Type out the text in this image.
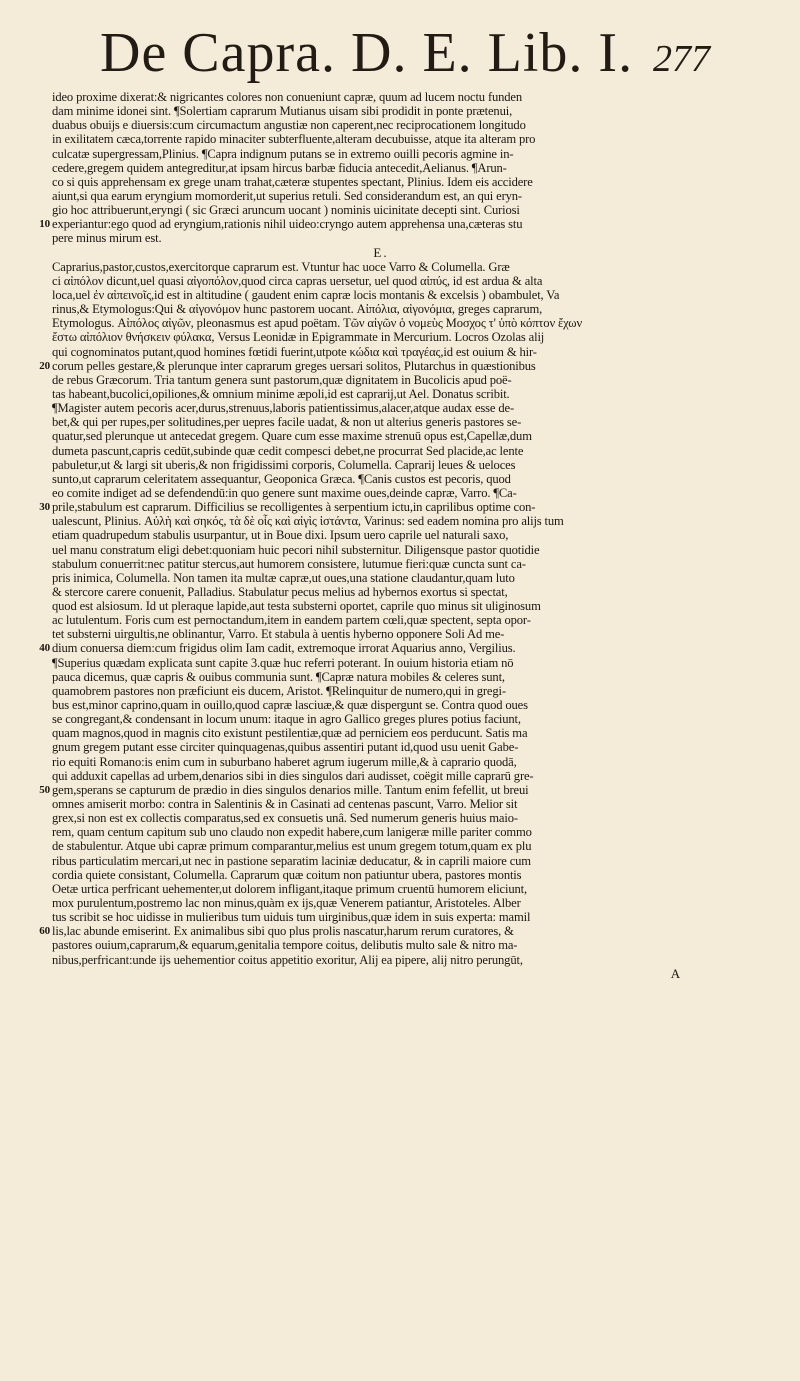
De Capra. D. E. Lib. I. 277
ideo proxime dixerat:& nigricantes colores non conueniunt capræ, quum ad lucem noctu funden
dam minime idonei sint. ¶Solertiam caprarum Mutianus uisam sibi prodidit in ponte prætenui,
duabus obuijs e diuersis:cum circumactum angustiæ non caperent,nec reciprocationem longitudo
in exilitatem cæca,torrente rapido minaciter subterfluente,alteram decubuisse, atque ita alteram pro
culcatæ supergressam,Plinius. ¶Capra indignum putans se in extremo ouilli pecoris agmine in-
cedere,gregem quidem antegreditur,at ipsam hircus barbæ fiducia antecedit,Aelianus. ¶Arun-
co si quis apprehensam ex grege unam trahat,cæteræ stupentes spectant, Plinius. Idem eis accidere
aiunt,si qua earum eryngium momorderit,ut superius retuli. Sed considerandum est, an qui eryn-
gio hoc attribuerunt,eryngi ( sic Græci aruncum uocant ) nominis uicinitate decepti sint. Curiosi
10 experiantur:ego quod ad eryngium,rationis nihil uideo:cryngo autem apprehensa una,cæteras stu
pere minus mirum est.
E.
Caprarius,pastor,custos,exercitorque caprarum est. Vtuntur hac uoce Varro & Columella. Græ
ci αἰπόλον dicunt,uel quasi αἰγοπόλον,quod circa capras uersetur, uel quod αἰπύς, id est ardua & alta
loca,uel ἐν αἰπεινοῖς,id est in altitudine ( gaudent enim capræ locis montanis & excelsis ) obambulet, Va
rinus,& Etymologus:Qui & αἰγονόμον hunc pastorem uocant. Αἰπόλια, αἰγονόμια, greges caprarum,
Etymologus. Αἰπόλος αἰγῶν, pleonasmus est apud poëtam. Τῶν αἰγῶν ὁ νομεὺς Μοσχος τ' ὑπὸ κόπτον ἔχων
ἔστω αἰπόλιον θνήσκειν φύλακα, Versus Leonidæ in Epigrammate in Mercurium. Locros Ozolas alij
qui cognominatos putant,quod homines fœtidi fuerint,utpote κώδια καὶ τραγέας,id est ouium & hir-
20 corum pelles gestare,& plerunque inter caprarum greges uersari solitos, Plutarchus in quæstionibus
de rebus Græcorum. Tria tantum genera sunt pastorum,quæ dignitatem in Bucolicis apud poë-
tas habeant,bucolici,opiliones,& omnium minime æpoli,id est caprarij,ut Ael. Donatus scribit.
¶Magister autem pecoris acer,durus,strenuus,laboris patientissimus,alacer,atque audax esse de-
bet,& qui per rupes,per solitudines,per uepres facile uadat, & non ut alterius generis pastores se-
quatur,sed plerunque ut antecedat gregem. Quare cum esse maxime strenuū opus est,Capellæ,dum
dumeta pascunt,capris cedūt,subinde quæ cedit compesci debet,ne procurrat Sed placide,ac lente
pabuletur,ut & largi sit uberis,& non frigidissimi corporis, Columella. Caprarij leues & ueloces
sunto,ut caprarum celeritatem assequantur, Geoponica Græca. ¶Canis custos est pecoris, quod
eo comite indiget ad se defendendū:in quo genere sunt maxime oues,deinde capræ, Varro. ¶Ca-
30 prile,stabulum est caprarum. Difficilius se recolligentes à serpentium ictu,in caprilibus optime con-
ualescunt, Plinius. Αὐλὴ καὶ σηκός, τὰ δὲ οἷς καὶ αἰγὶς ἱστάντα, Varinus: sed eadem nomina pro alijs tum
etiam quadrupedum stabulis usurpantur, ut in Boue dixi. Ipsum uero caprile uel naturali saxo,
uel manu constratum eligi debet:quoniam huic pecori nihil substernitur. Diligensque pastor quotidie
stabulum conuerrit:nec patitur stercus,aut humorem consistere, lutumue fieri:quæ cuncta sunt ca-
pris inimica, Columella. Non tamen ita multæ capræ,ut oues,una statione claudantur,quam luto
& stercore carere conuenit, Palladius. Stabulatur pecus melius ad hybernos exortus si spectat,
quod est alsiosum. Id ut pleraque lapide,aut testa substerni oportet, caprile quo minus sit uliginosum
ac lutulentum. Foris cum est pernoctandum,item in eandem partem cœli,quæ spectent, septa opor-
tet substerni uirgultis,ne oblinantur, Varro. Et stabula à uentis hyberno opponere Soli Ad me-
40 dium conuersa diem:cum frigidus olim Iam cadit, extremoque irrorat Aquarius anno, Vergilius.
¶Superius quædam explicata sunt capite 3.quæ huc referri poterant. In ouium historia etiam nō
pauca dicemus, quæ capris & ouibus communia sunt. ¶Capræ natura mobiles & celeres sunt,
quamobrem pastores non præficiunt eis ducem, Aristot. ¶Relinquitur de numero,qui in gregi-
bus est,minor caprino,quam in ouillo,quod capræ lasciuæ,& quæ dispergunt se. Contra quod oues
se congregant,& condensant in locum unum: itaque in agro Gallico greges plures potius faciunt,
quam magnos,quod in magnis cito existunt pestilentiæ,quæ ad perniciem eos perducunt. Satis ma
gnum gregem putant esse circiter quinquagenas,quibus assentiri putant id,quod usu uenit Gabe-
rio equiti Romano:is enim cum in suburbano haberet agrum iugerum mille,& à caprario quodā,
qui adduxit capellas ad urbem,denarios sibi in dies singulos dari audisset, coëgit mille caprarū gre-
50 gem,sperans se capturum de prædio in dies singulos denarios mille. Tantum enim fefellit, ut breui
omnes amiserit morbo: contra in Salentinis & in Casinati ad centenas pascunt, Varro. Melior sit
grex,si non est ex collectis comparatus,sed ex consuetis unâ. Sed numerum generis huius maio-
rem, quam centum capitum sub uno claudo non expedit habere,cum lanigeræ mille pariter commo
de stabulentur. Atque ubi capræ primum comparantur,melius est unum gregem totum,quam ex plu
ribus particulatim mercari,ut nec in pastione separatim laciniæ deducatur, & in caprili maiore cum
cordia quiete consistant, Columella. Caprarum quæ coitum non patiuntur ubera, pastores montis
Oetæ urtica perfricant uehementer,ut dolorem infligant,itaque primum cruentū humorem eliciunt,
mox purulentum,postremo lac non minus,quàm ex ijs,quæ Venerem patiantur, Aristoteles. Alber
tus scribit se hoc uidisse in mulieribus tum uiduis tum uirginibus,quæ idem in suis experta: mamil
60 lis,lac abunde emiserint. Ex animalibus sibi quo plus prolis nascatur,harum rerum curatores, &
pastores ouium,caprarum,& equarum,genitalia tempore coitus, delibutis multo sale & nitro ma-
nibus,perfricant:unde ijs uehementior coitus appetitio exoritur, Alij ea pipere, alij nitro perungūt,
A
